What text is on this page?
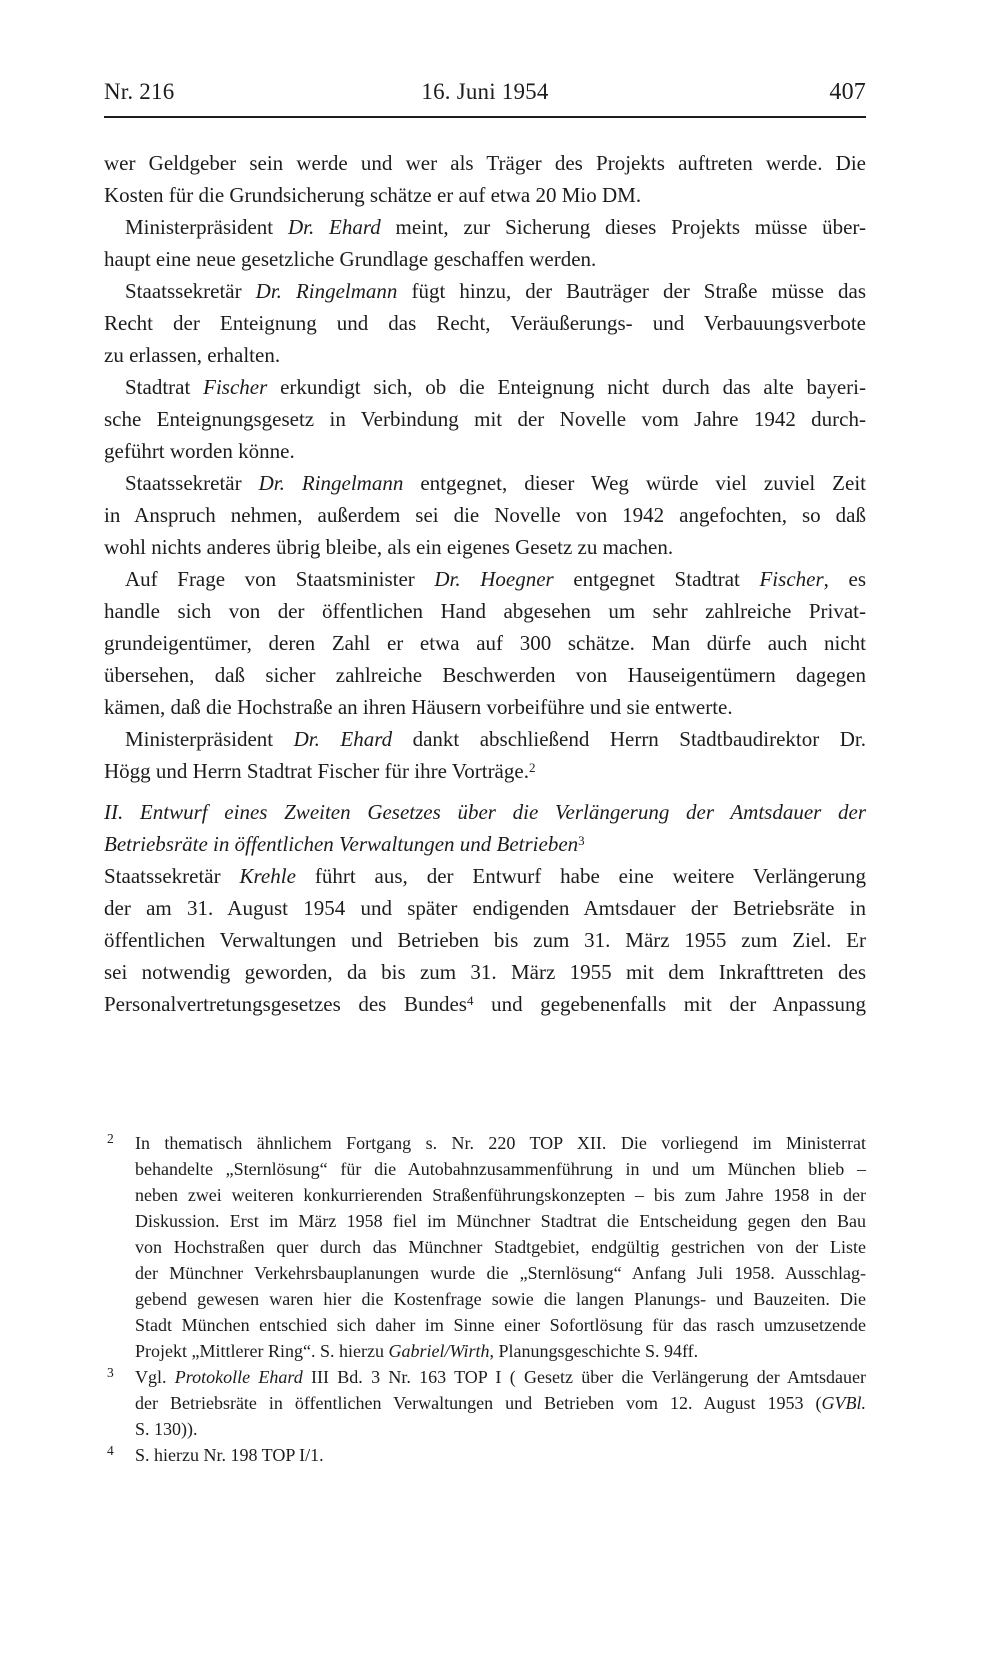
Nr. 216	16. Juni 1954	407
wer Geldgeber sein werde und wer als Träger des Projekts auftreten werde. Die
Kosten für die Grundsicherung schätze er auf etwa 20 Mio DM.
Ministerpräsident Dr. Ehard meint, zur Sicherung dieses Projekts müsse über-
haupt eine neue gesetzliche Grundlage geschaffen werden.
Staatssekretär Dr. Ringelmann fügt hinzu, der Bauträger der Straße müsse das
Recht der Enteignung und das Recht, Veräußerungs- und Verbauungsverbote
zu erlassen, erhalten.
Stadtrat Fischer erkundigt sich, ob die Enteignung nicht durch das alte bayeri-
sche Enteignungsgesetz in Verbindung mit der Novelle vom Jahre 1942 durch-
geführt worden könne.
Staatssekretär Dr. Ringelmann entgegnet, dieser Weg würde viel zuviel Zeit
in Anspruch nehmen, außerdem sei die Novelle von 1942 angefochten, so daß
wohl nichts anderes übrig bleibe, als ein eigenes Gesetz zu machen.
Auf Frage von Staatsminister Dr. Hoegner entgegnet Stadtrat Fischer, es
handle sich von der öffentlichen Hand abgesehen um sehr zahlreiche Privat-
grundeigentümer, deren Zahl er etwa auf 300 schätze. Man dürfe auch nicht
übersehen, daß sicher zahlreiche Beschwerden von Hauseigentümern dagegen
kämen, daß die Hochstraße an ihren Häusern vorbeiführe und sie entwerte.
Ministerpräsident Dr. Ehard dankt abschließend Herrn Stadtbaudirektor Dr.
Högg und Herrn Stadtrat Fischer für ihre Vorträge.$^2$
II. Entwurf eines Zweiten Gesetzes über die Verlängerung der Amtsdauer der
Betriebsräte in öffentlichen Verwaltungen und Betrieben$^3$
Staatssekretär Krehle führt aus, der Entwurf habe eine weitere Verlängerung
der am 31. August 1954 und später endigenden Amtsdauer der Betriebsräte in
öffentlichen Verwaltungen und Betrieben bis zum 31. März 1955 zum Ziel. Er
sei notwendig geworden, da bis zum 31. März 1955 mit dem Inkrafttreten des
Personalvertretungsgesetzes des Bundes$^4$ und gegebenenfalls mit der Anpassung
2 In thematisch ähnlichem Fortgang s. Nr. 220 TOP XII. Die vorliegend im Ministerrat
behandelte „Sternlösung“ für die Autobahnzusammenführung in und um München blieb –
neben zwei weiteren konkurrierenden Straßenführungskonzepten – bis zum Jahre 1958 in der
Diskussion. Erst im März 1958 fiel im Münchner Stadtrat die Entscheidung gegen den Bau
von Hochstraßen quer durch das Münchner Stadtgebiet, endgültig gestrichen von der Liste
der Münchner Verkehrsbauplanungen wurde die „Sternlösung“ Anfang Juli 1958. Ausschlag-
gebend gewesen waren hier die Kostenfrage sowie die langen Planungs- und Bauzeiten. Die
Stadt München entschied sich daher im Sinne einer Sofortlösung für das rasch umzusetzende
Projekt „Mittlerer Ring“. S. hierzu Gabriel/Wirth, Planungsgeschichte S. 94ff.
3 Vgl. Protokolle Ehard III Bd. 3 Nr. 163 TOP I ( Gesetz über die Verlängerung der Amtsdauer
der Betriebsräte in öffentlichen Verwaltungen und Betrieben vom 12. August 1953 (GVBl.
S. 130)).
4 S. hierzu Nr. 198 TOP I/1.
